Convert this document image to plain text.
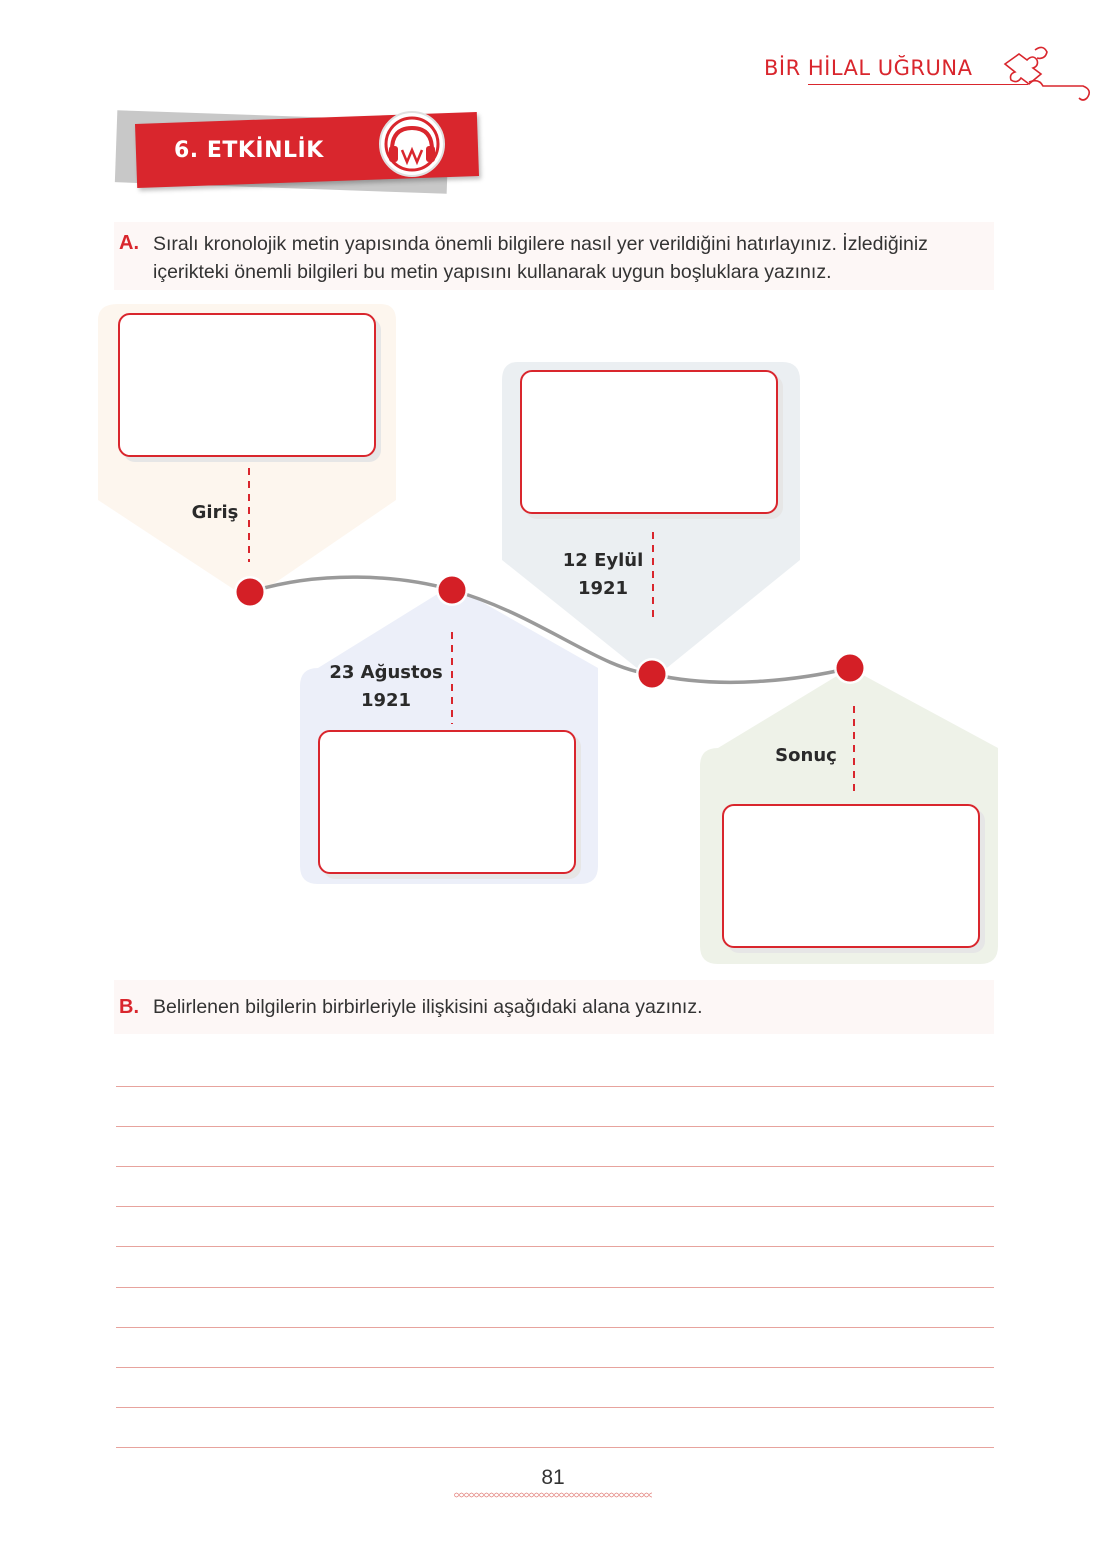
BİR HİLAL UĞRUNA
6. ETKİNLİK
A. Sıralı kronolojik metin yapısında önemli bilgilere nasıl yer verildiğini hatırlayınız. İzlediğiniz
içerikteki önemli bilgileri bu metin yapısını kullanarak uygun boşluklara yazınız.
Giriş
12 Eylül
1921
23 Ağustos
1921
Sonuç
B. Belirlenen bilgilerin birbirleriyle ilişkisini aşağıdaki alana yazınız.
81
